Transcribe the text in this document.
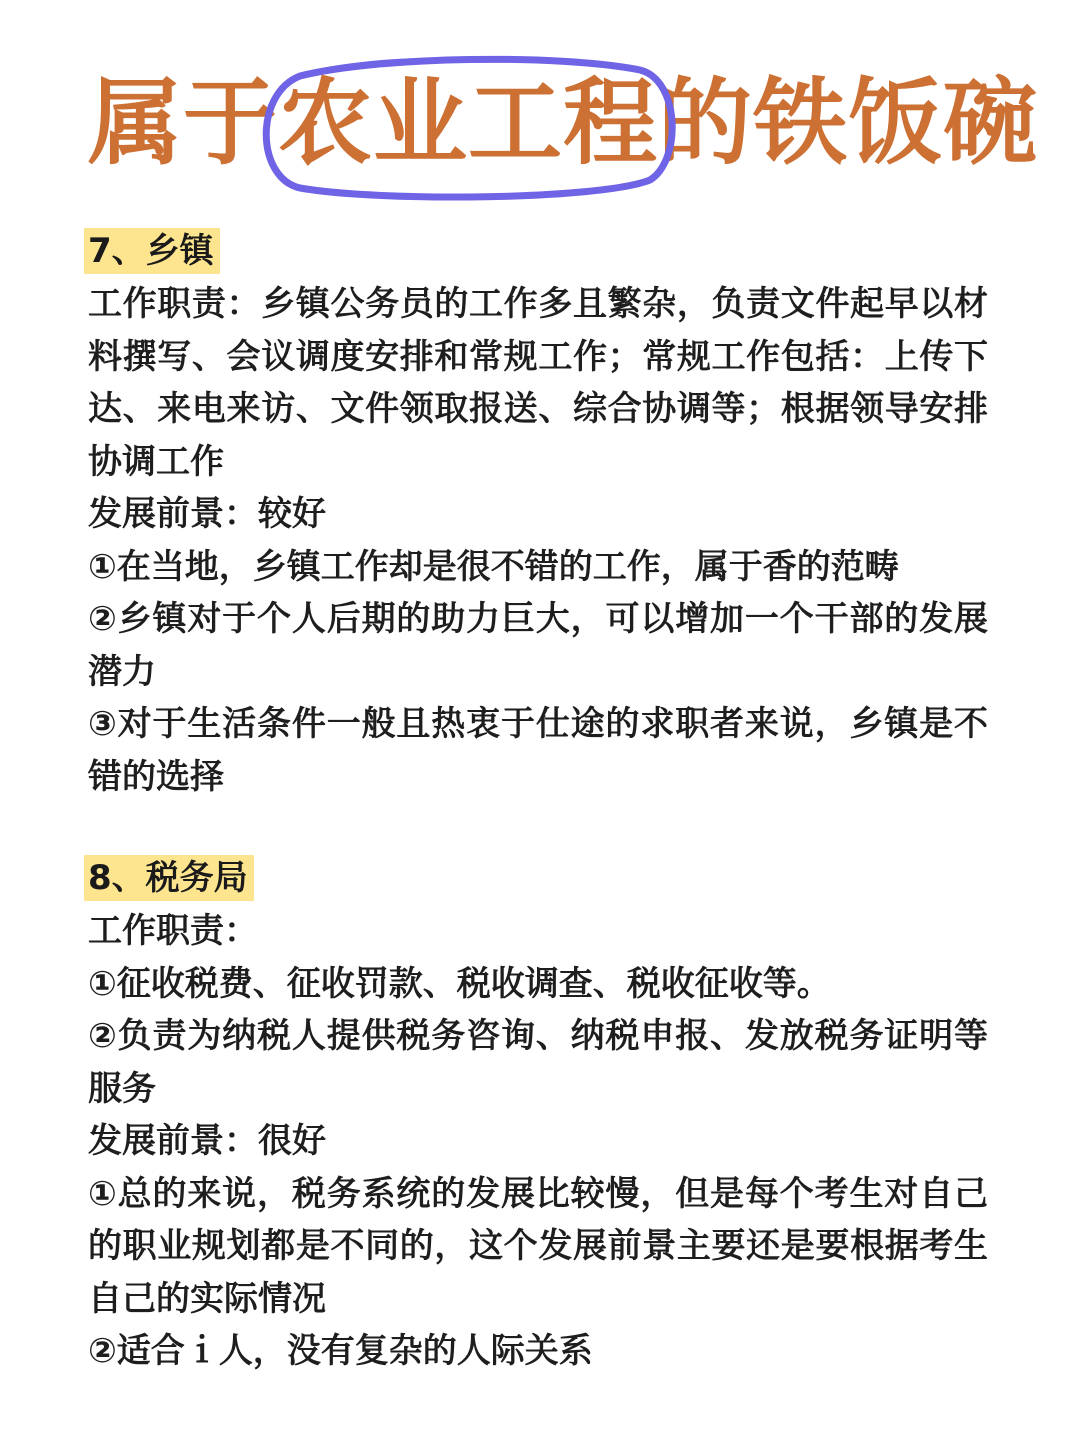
属于农业工程的铁饭碗
7、乡镇

工作职责：乡镇公务员的工作多且繁杂，负责文件起早以材料撰写、会议调度安排和常规工作；常规工作包括：上传下达、来电来访、文件领取报送、综合协调等；根据领导安排协调工作

发展前景：较好

①在当地，乡镇工作却是很不错的工作，属于香的范畴

②乡镇对于个人后期的助力巨大，可以增加一个干部的发展潜力

③对于生活条件一般且热衷于仕途的求职者来说，乡镇是不错的选择

8、税务局

工作职责：

①征收税费、征收罚款、税收调查、税收征收等。

②负责为纳税人提供税务咨询、纳税申报、发放税务证明等服务

发展前景：很好

①总的来说，税务系统的发展比较慢，但是每个考生对自己的职业规划都是不同的，这个发展前景主要还是要根据考生自己的实际情况

②适合ｉ人，没有复杂的人际关系
